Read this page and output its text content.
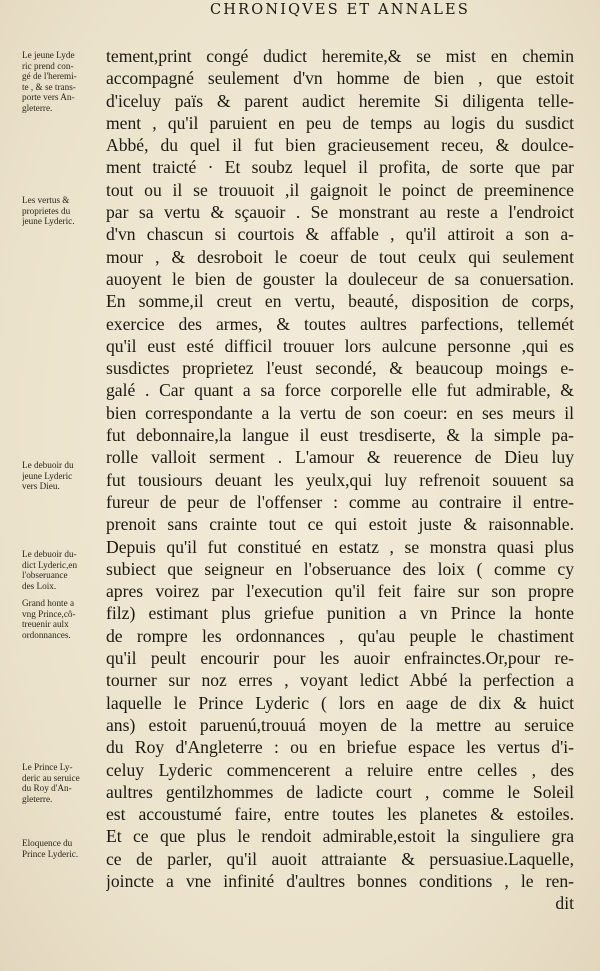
CHRONIQVES ET ANNALES
tement,print congé dudict heremite,& se mist en chemin
accompagné seulement d'vn homme de bien , que estoit
d'iceluy païs & parent audict heremite Si diligenta telle-
ment , qu'il paruient en peu de temps au logis du susdict
Abbé, du quel il fut bien gracieusement receu, & doulce-
ment traicté · Et soubz lequel il profita, de sorte que par
tout ou il se trouuoit ,il gaignoit le poinct de preeminence
par sa vertu & sçauoir . Se monstrant au reste a l'endroict
d'vn chascun si courtois & affable , qu'il attiroit a son a-
mour , & desroboit le coeur de tout ceulx qui seulement
auoyent le bien de gouster la douleceur de sa conuersation.
En somme,il creut en vertu, beauté, disposition de corps,
exercice des armes, & toutes aultres parfections, tellemét
qu'il eust esté difficil trouuer lors aulcune personne ,qui es
susdictes proprietez l'eust secondé, & beaucoup moings e-
galé . Car quant a sa force corporelle elle fut admirable, &
bien correspondante a la vertu de son coeur: en ses meurs il
fut debonnaire,la langue il eust tresdiserte, & la simple pa-
rolle valloit serment . L'amour & reuerence de Dieu luy
fut tousiours deuant les yeulx,qui luy refrenoit souuent sa
fureur de peur de l'offenser : comme au contraire il entre-
prenoit sans crainte tout ce qui estoit juste & raisonnable.
Depuis qu'il fut constitué en estatz , se monstra quasi plus
subiect que seigneur en l'obseruance des loix ( comme cy
apres voirez par l'execution qu'il feit faire sur son propre
filz) estimant plus griefue punition a vn Prince la honte
de rompre les ordonnances , qu'au peuple le chastiment
qu'il peult encourir pour les auoir enfrainctes.Or,pour re-
tourner sur noz erres , voyant ledict Abbé la perfection a
laquelle le Prince Lyderic ( lors en aage de dix & huict
ans) estoit paruenú,trouuá moyen de la mettre au seruice
du Roy d'Angleterre : ou en briefue espace les vertus d'i-
celuy Lyderic commencerent a reluire entre celles , des
aultres gentilzhommes de ladicte court , comme le Soleil
est accoustumé faire, entre toutes les planetes & estoiles.
Et ce que plus le rendoit admirable,estoit la singuliere gra
ce de parler, qu'il auoit attraiante & persuasiue.Laquelle,
joincte a vne infinité d'aultres bonnes conditions , le ren-
dit
Le jeune Lyde
ric prend con-
gé de l'heremi-
te , & se trans-
porte vers An-
gleterre.
Les vertus &
proprietes du
jeune Lyderic.
Le debuoir du
jeune Lyderic
vers Dieu.
Le debuoir du-
dict Lyderic,en
l'obseruance
des Loix.
Grand honte a
vng Prince,cô-
treuenir aulx
ordonnances.
Le Prince Ly-
deric au seruice
du Roy d'An-
gleterre.
Eloquence du
Prince Lyderic.
